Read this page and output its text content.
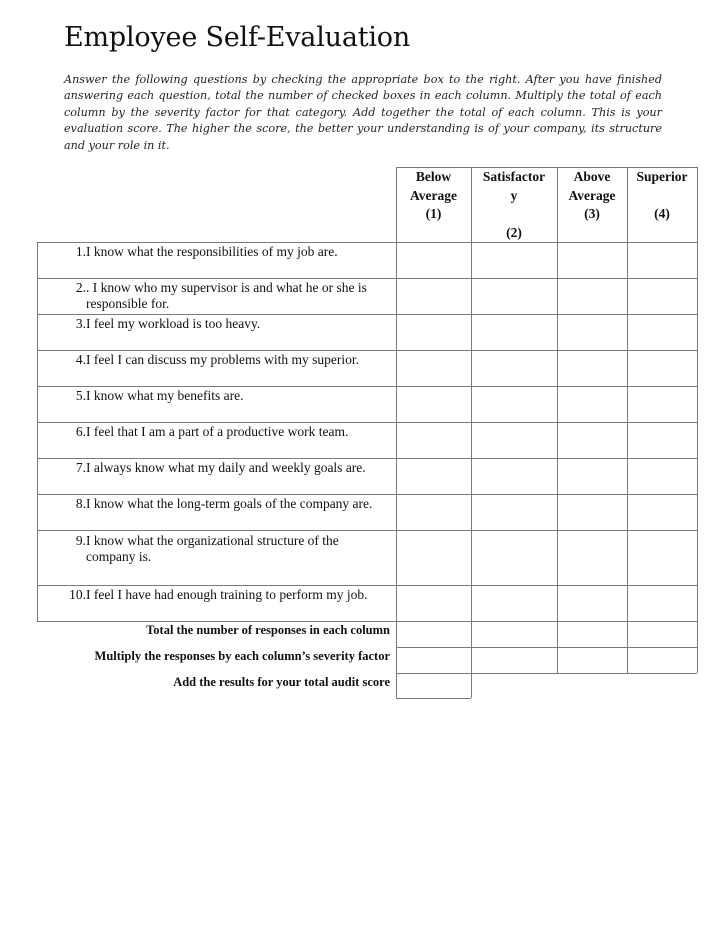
Employee Self-Evaluation
Answer the following questions by checking the appropriate box to the right. After you have finished answering each question, total the number of checked boxes in each column. Multiply the total of each column by the severity factor for that category. Add together the total of each column. This is your evaluation score. The higher the score, the better your understanding is of your company, its structure and your role in it.
Below
Average
(1)
Satisfactor
y
(2)
Above
Average
(3)
Superior
(4)
1. I know what the responsibilities of my job are.
2. . I know who my supervisor is and what he or she is responsible for.
3. I feel my workload is too heavy.
4. I feel I can discuss my problems with my superior.
5. I know what my benefits are.
6. I feel that I am a part of a productive work team.
7. I always know what my daily and weekly goals are.
8. I know what the long-term goals of the company are.
9. I know what the organizational structure of the company is.
10. I feel I have had enough training to perform my job.
Total the number of responses in each column
Multiply the responses by each column’s severity factor
Add the results for your total audit score
